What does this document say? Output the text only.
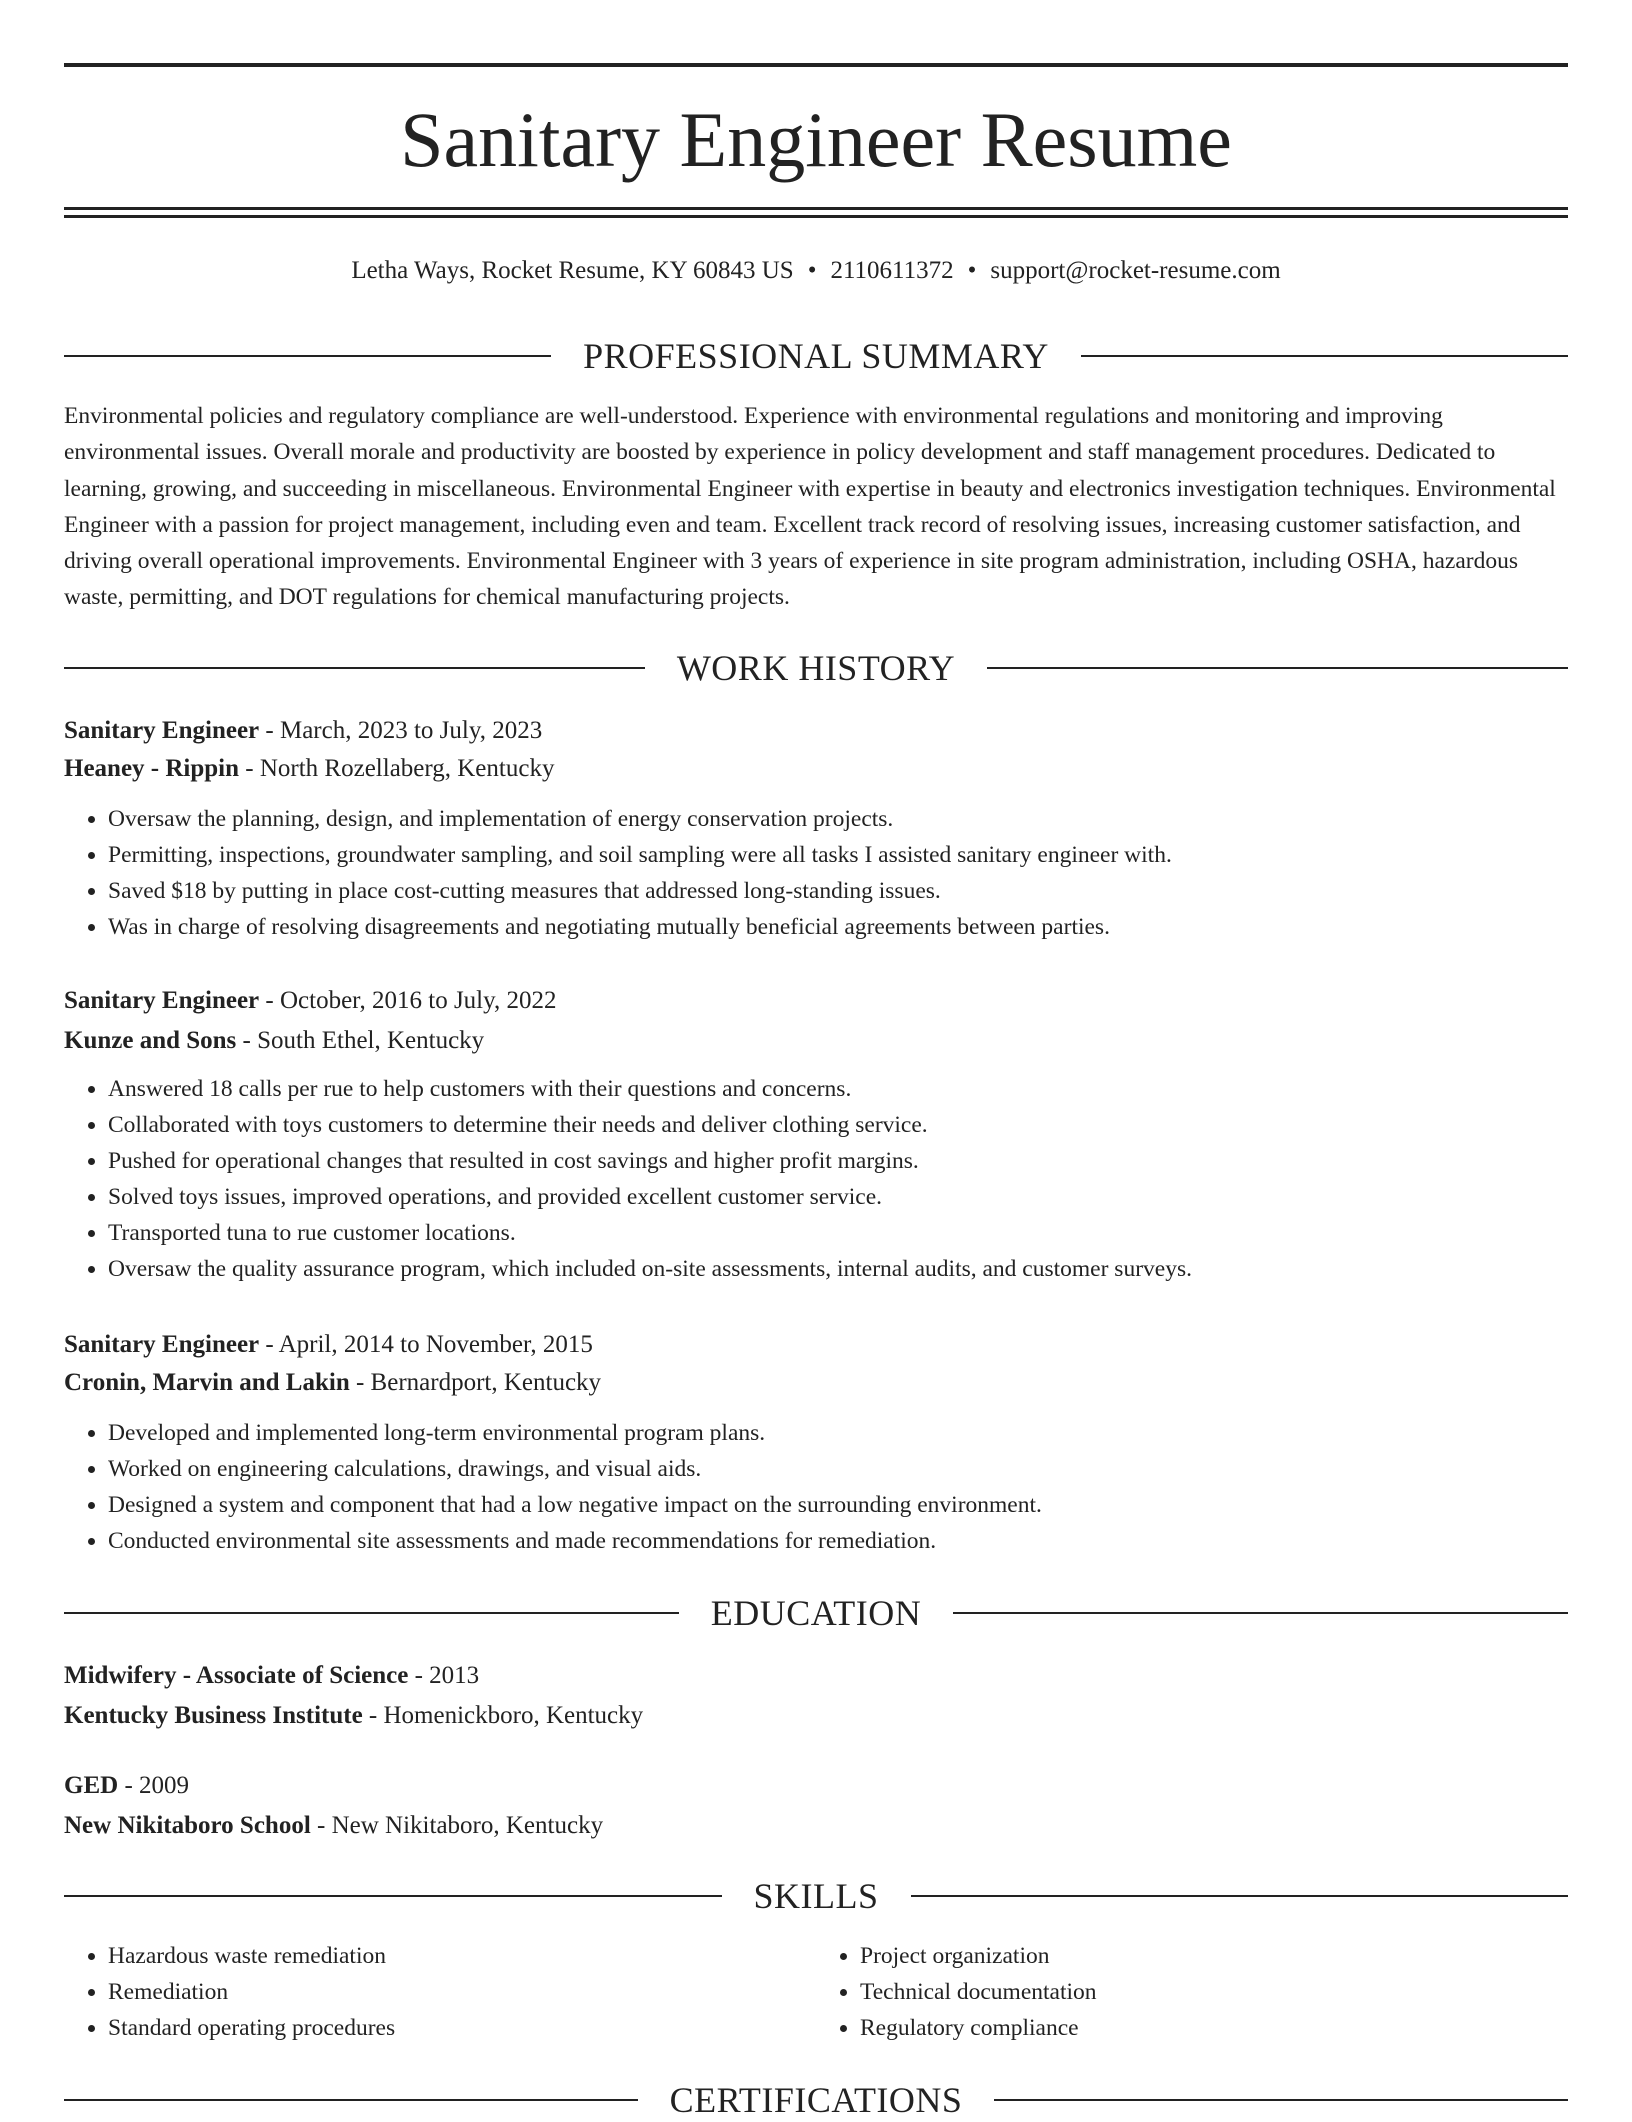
Sanitary Engineer Resume
Letha Ways, Rocket Resume, KY 60843 US • 2110611372 • support@rocket-resume.com
PROFESSIONAL SUMMARY

Environmental policies and regulatory compliance are well-understood. Experience with environmental regulations and monitoring and improving environmental issues. Overall morale and productivity are boosted by experience in policy development and staff management procedures. Dedicated to learning, growing, and succeeding in miscellaneous. Environmental Engineer with expertise in beauty and electronics investigation techniques. Environmental Engineer with a passion for project management, including even and team. Excellent track record of resolving issues, increasing customer satisfaction, and driving overall operational improvements. Environmental Engineer with 3 years of experience in site program administration, including OSHA, hazardous waste, permitting, and DOT regulations for chemical manufacturing projects.

WORK HISTORY

Sanitary Engineer - March, 2023 to July, 2023

Heaney - Rippin - North Rozellaberg, Kentucky

• Oversaw the planning, design, and implementation of energy conservation projects.
• Permitting, inspections, groundwater sampling, and soil sampling were all tasks I assisted sanitary engineer with.
• Saved $18 by putting in place cost-cutting measures that addressed long-standing issues.
• Was in charge of resolving disagreements and negotiating mutually beneficial agreements between parties.

Sanitary Engineer - October, 2016 to July, 2022

Kunze and Sons - South Ethel, Kentucky

• Answered 18 calls per rue to help customers with their questions and concerns.
• Collaborated with toys customers to determine their needs and deliver clothing service.
• Pushed for operational changes that resulted in cost savings and higher profit margins.
• Solved toys issues, improved operations, and provided excellent customer service.
• Transported tuna to rue customer locations.
• Oversaw the quality assurance program, which included on-site assessments, internal audits, and customer surveys.

Sanitary Engineer - April, 2014 to November, 2015

Cronin, Marvin and Lakin - Bernardport, Kentucky

• Developed and implemented long-term environmental program plans.
• Worked on engineering calculations, drawings, and visual aids.
• Designed a system and component that had a low negative impact on the surrounding environment.
• Conducted environmental site assessments and made recommendations for remediation.
EDUCATION

Midwifery - Associate of Science - 2013

Kentucky Business Institute - Homenickboro, Kentucky

GED - 2009

New Nikitaboro School - New Nikitaboro, Kentucky

SKILLS
• Hazardous waste remediation
• Remediation
• Standard operating procedures
• Project organization
• Technical documentation
• Regulatory compliance
CERTIFICATIONS
